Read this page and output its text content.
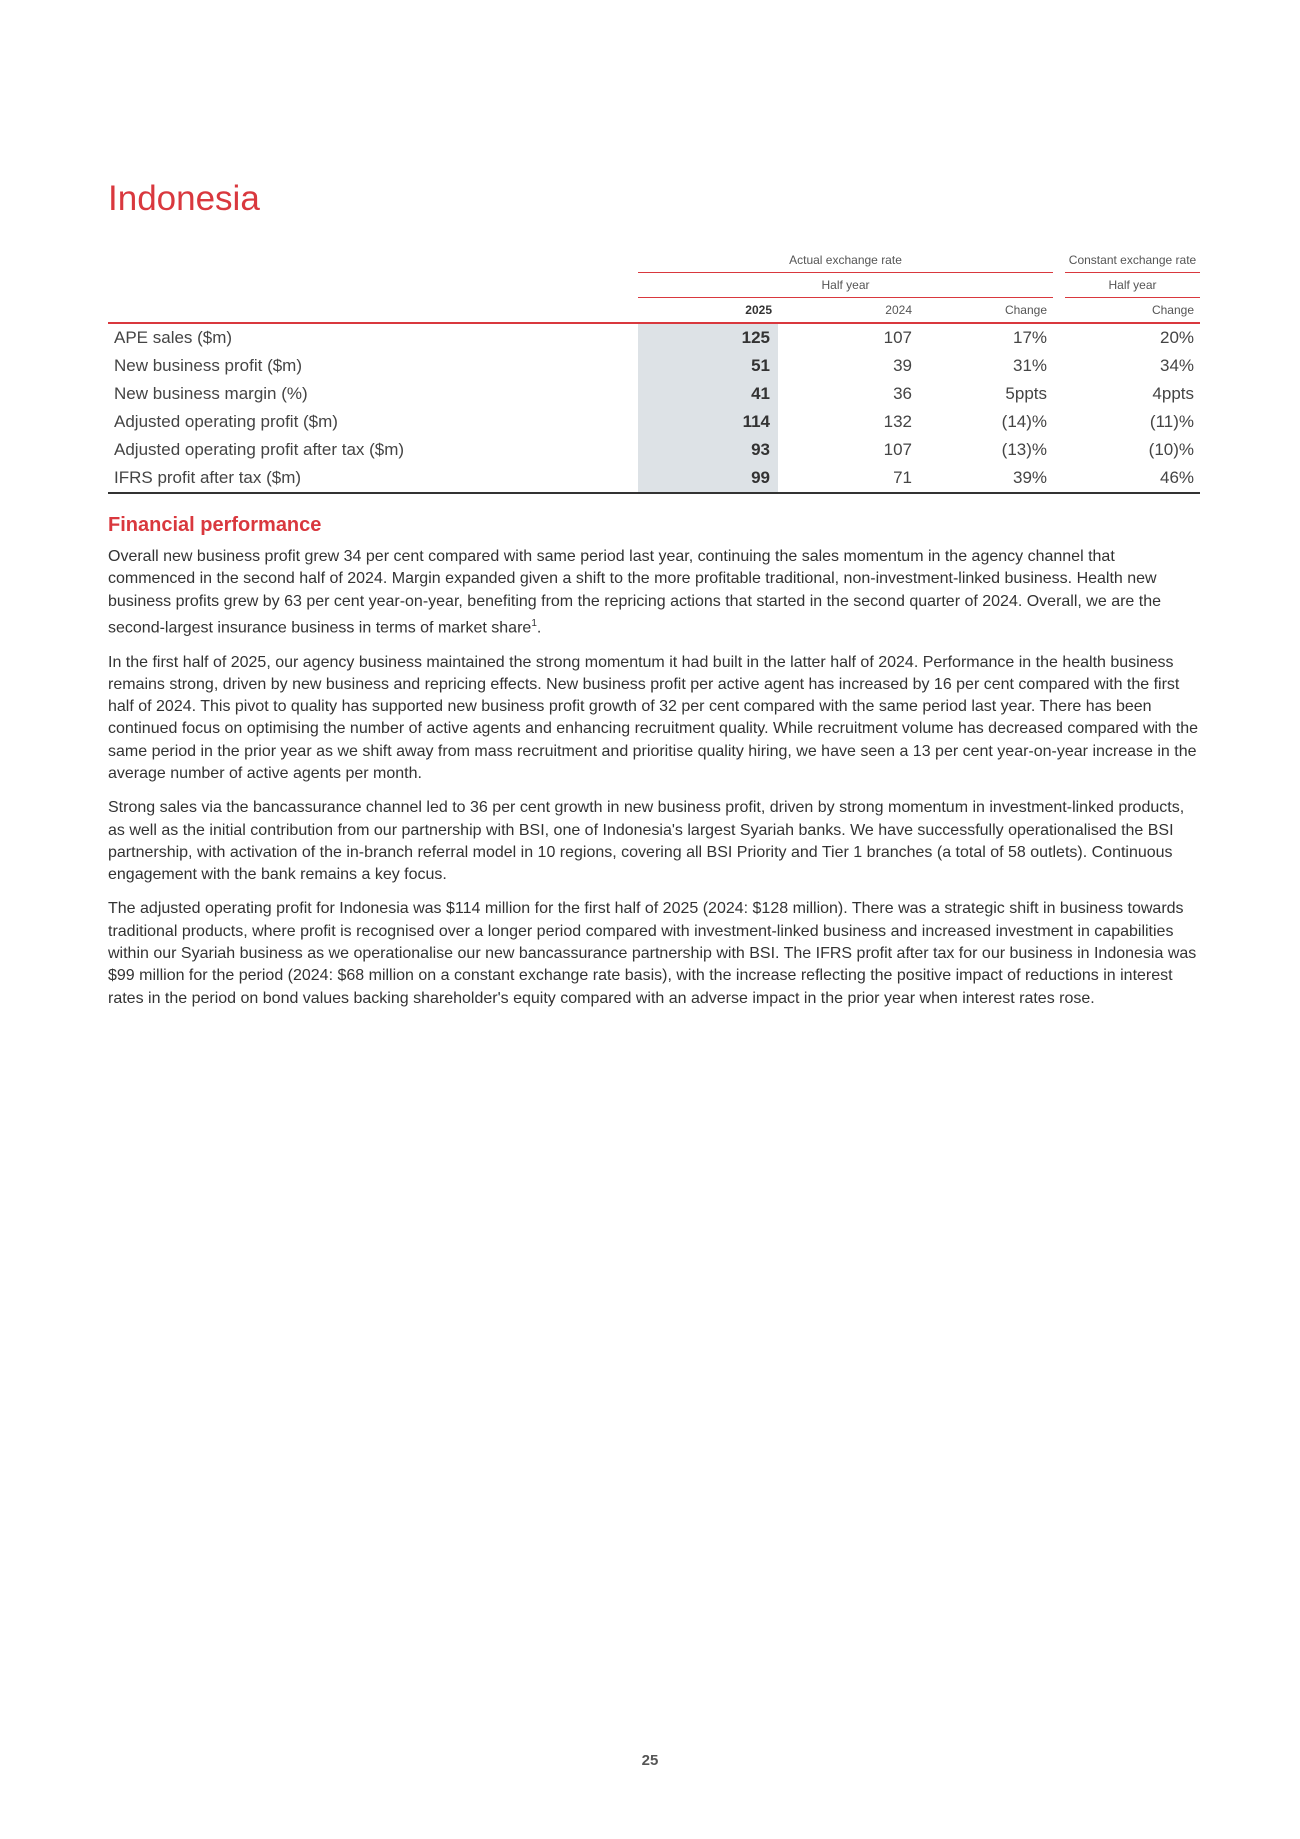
Indonesia
	Actual exchange rate				Constant exchange rate
	Half year				Half year
	2025	2024	Change		Change
APE sales ($m)	125	107	17%		20%
New business profit ($m)	51	39	31%		34%
New business margin (%)	41	36	5ppts		4ppts
Adjusted operating profit ($m)	114	132	(14)%		(11)%
Adjusted operating profit after tax ($m)	93	107	(13)%		(10)%
IFRS profit after tax ($m)	99	71	39%		46%
Financial performance

Overall new business profit grew 34 per cent compared with same period last year, continuing the sales momentum in the agency channel that commenced in the second half of 2024. Margin expanded given a shift to the more profitable traditional, non-investment-linked business. Health new business profits grew by 63 per cent year-on-year, benefiting from the repricing actions that started in the second quarter of 2024. Overall, we are the second-largest insurance business in terms of market share$^1$.

In the first half of 2025, our agency business maintained the strong momentum it had built in the latter half of 2024. Performance in the health business remains strong, driven by new business and repricing effects. New business profit per active agent has increased by 16 per cent compared with the first half of 2024. This pivot to quality has supported new business profit growth of 32 per cent compared with the same period last year. There has been continued focus on optimising the number of active agents and enhancing recruitment quality. While recruitment volume has decreased compared with the same period in the prior year as we shift away from mass recruitment and prioritise quality hiring, we have seen a 13 per cent year-on-year increase in the average number of active agents per month.

Strong sales via the bancassurance channel led to 36 per cent growth in new business profit, driven by strong momentum in investment-linked products, as well as the initial contribution from our partnership with BSI, one of Indonesia's largest Syariah banks. We have successfully operationalised the BSI partnership, with activation of the in-branch referral model in 10 regions, covering all BSI Priority and Tier 1 branches (a total of 58 outlets). Continuous engagement with the bank remains a key focus.

The adjusted operating profit for Indonesia was $114 million for the first half of 2025 (2024: $128 million). There was a strategic shift in business towards traditional products, where profit is recognised over a longer period compared with investment-linked business and increased investment in capabilities within our Syariah business as we operationalise our new bancassurance partnership with BSI. The IFRS profit after tax for our business in Indonesia was $99 million for the period (2024: $68 million on a constant exchange rate basis), with the increase reflecting the positive impact of reductions in interest rates in the period on bond values backing shareholder's equity compared with an adverse impact in the prior year when interest rates rose.

25
